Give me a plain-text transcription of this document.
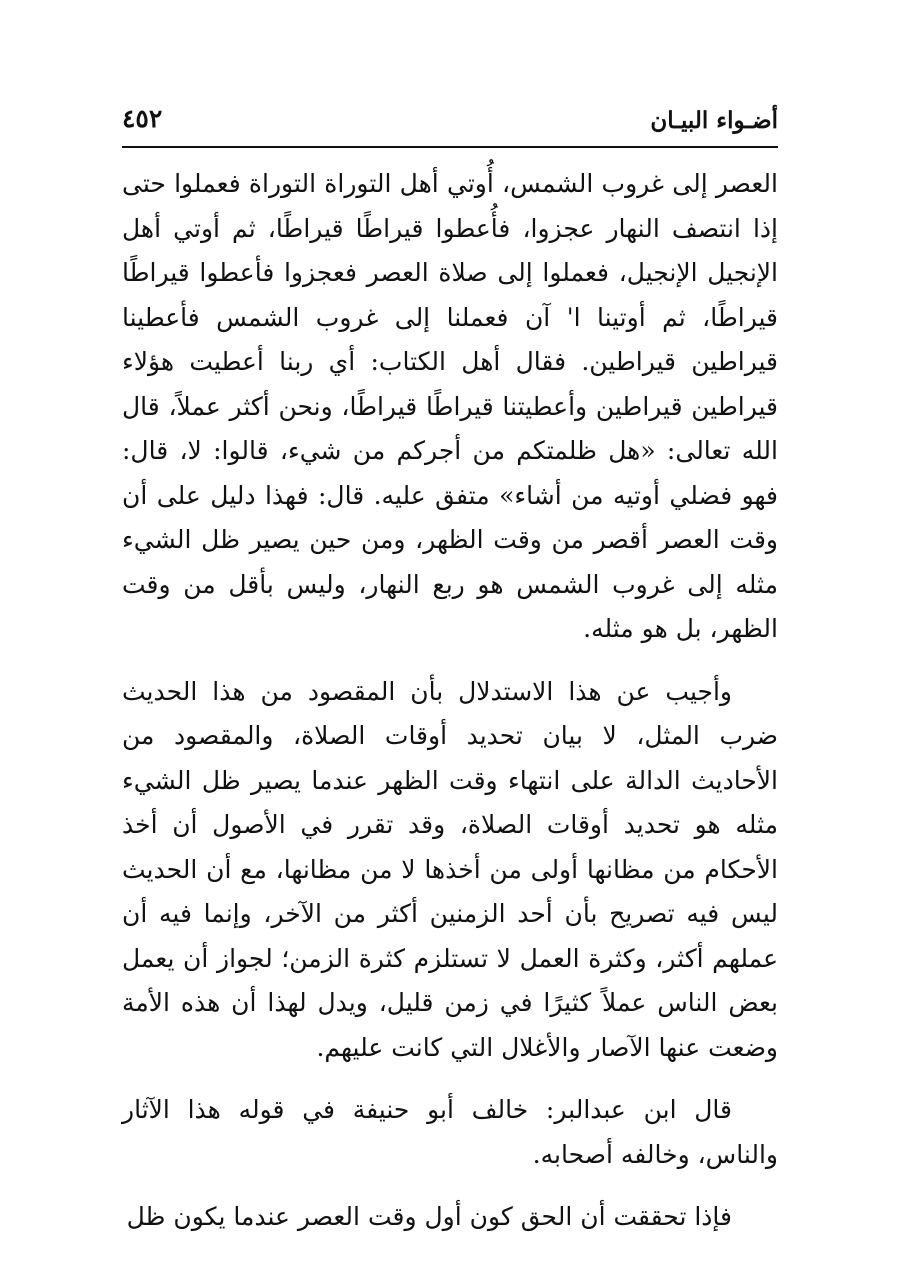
أضـواء البيـان
٤٥٢

العصر إلى غروب الشمس، أُوتي أهل التوراة التوراة فعملوا حتى إذا انتصف النهار عجزوا، فأُعطوا قيراطًا قيراطًا، ثم أوتي أهل الإنجيل الإنجيل، فعملوا إلى صلاة العصر فعجزوا فأعطوا قيراطًا قيراطًا، ثم أوتينا ا' آن فعملنا إلى غروب الشمس فأعطينا قيراطين قيراطين. فقال أهل الكتاب: أي ربنا أعطيت هؤلاء قيراطين قيراطين وأعطيتنا قيراطًا قيراطًا، ونحن أكثر عملاً، قال الله تعالى: «هل ظلمتكم من أجركم من شيء، قالوا: لا، قال: فهو فضلي أوتيه من أشاء» متفق عليه. قال: فهذا دليل على أن وقت العصر أقصر من وقت الظهر، ومن حين يصير ظل الشيء مثله إلى غروب الشمس هو ربع النهار، وليس بأقل من وقت الظهر، بل هو مثله.

وأجيب عن هذا الاستدلال بأن المقصود من هذا الحديث ضرب المثل، لا بيان تحديد أوقات الصلاة، والمقصود من الأحاديث الدالة على انتهاء وقت الظهر عندما يصير ظل الشيء مثله هو تحديد أوقات الصلاة، وقد تقرر في الأصول أن أخذ الأحكام من مظانها أولى من أخذها لا من مظانها، مع أن الحديث ليس فيه تصريح بأن أحد الزمنين أكثر من الآخر، وإنما فيه أن عملهم أكثر، وكثرة العمل لا تستلزم كثرة الزمن؛ لجواز أن يعمل بعض الناس عملاً كثيرًا في زمن قليل، ويدل لهذا أن هذه الأمة وضعت عنها الآصار والأغلال التي كانت عليهم.

قال ابن عبدالبر: خالف أبو حنيفة في قوله هذا الآثار والناس، وخالفه أصحابه.

فإذا تحققت أن الحق كون أول وقت العصر عندما يكون ظل
